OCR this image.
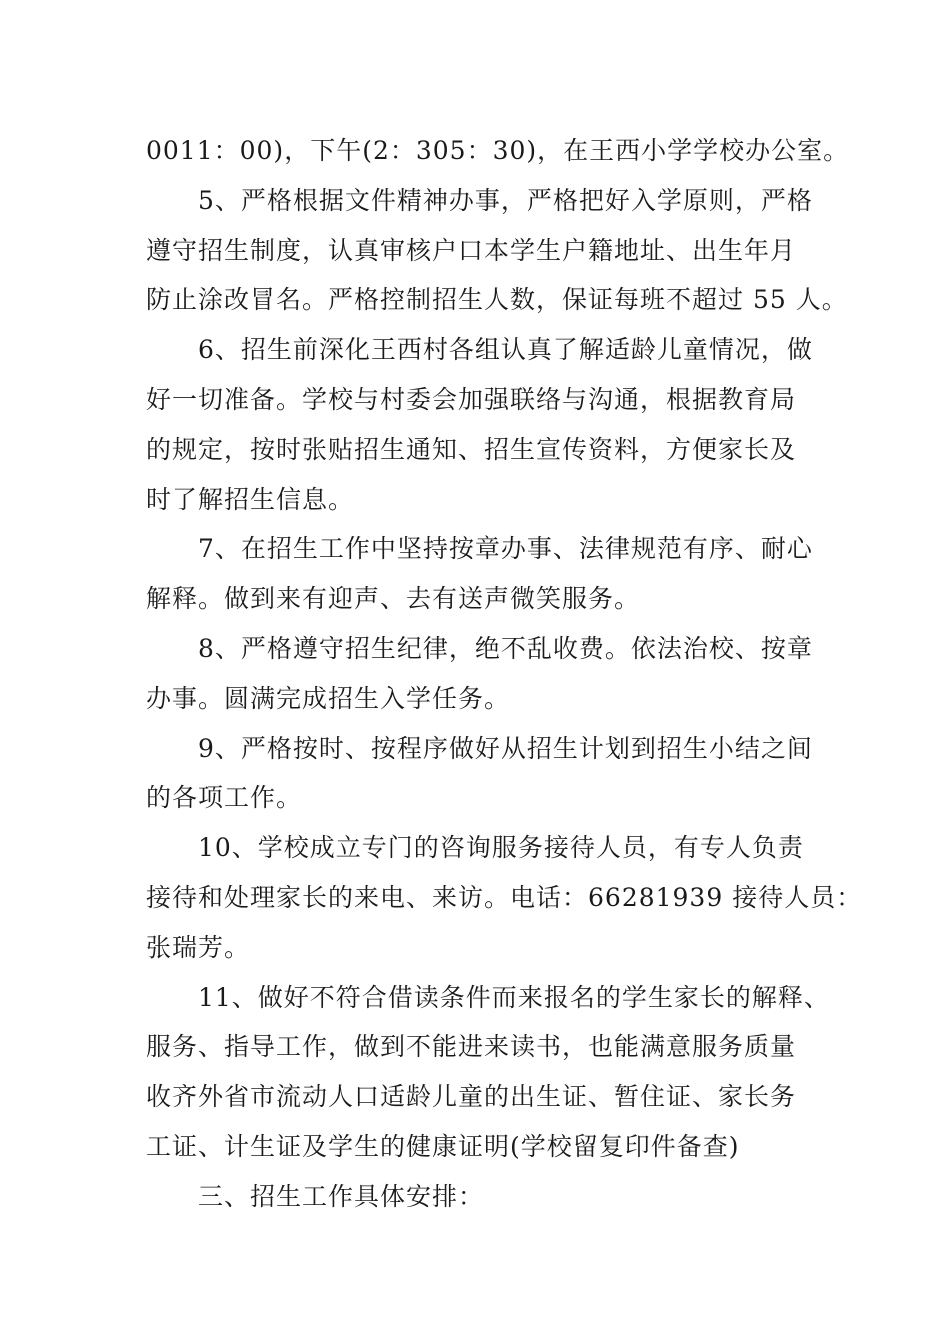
0011：00)，下午(2：305：30)，在王西小学学校办公室。
5、严格根据文件精神办事，严格把好入学原则，严格
遵守招生制度，认真审核户口本学生户籍地址、出生年月
防止涂改冒名。严格控制招生人数，保证每班不超过 55 人。
6、招生前深化王西村各组认真了解适龄儿童情况，做
好一切准备。学校与村委会加强联络与沟通，根据教育局
的规定，按时张贴招生通知、招生宣传资料，方便家长及
时了解招生信息。
7、在招生工作中坚持按章办事、法律规范有序、耐心
解释。做到来有迎声、去有送声微笑服务。
8、严格遵守招生纪律，绝不乱收费。依法治校、按章
办事。圆满完成招生入学任务。
9、严格按时、按程序做好从招生计划到招生小结之间
的各项工作。
10、学校成立专门的咨询服务接待人员，有专人负责
接待和处理家长的来电、来访。电话：66281939 接待人员：
张瑞芳。
11、做好不符合借读条件而来报名的学生家长的解释、
服务、指导工作，做到不能进来读书，也能满意服务质量
收齐外省市流动人口适龄儿童的出生证、暂住证、家长务
工证、计生证及学生的健康证明(学校留复印件备查)
三、招生工作具体安排：
